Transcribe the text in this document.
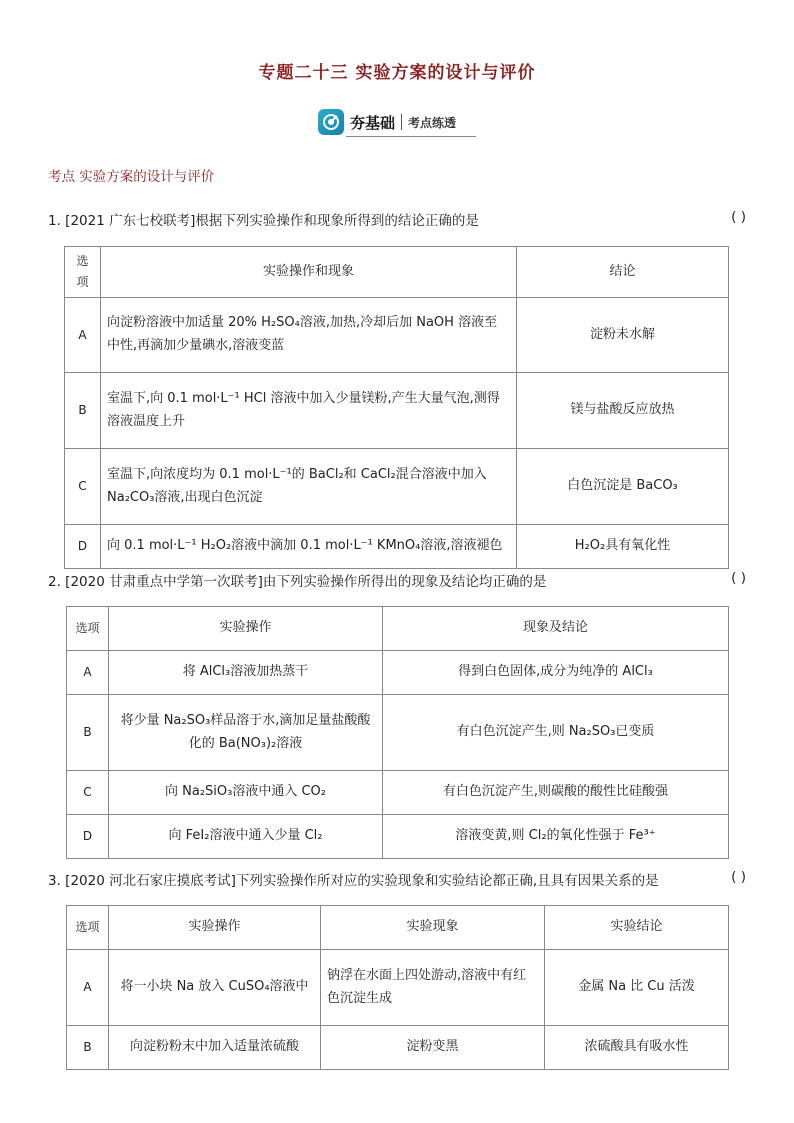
专题二十三 实验方案的设计与评价
夯基础 考点练透
考点 实验方案的设计与评价
1. [2021 广东七校联考]根据下列实验操作和现象所得到的结论正确的是	( )
选项	实验操作和现象	结论
A	向淀粉溶液中加适量 20% H₂SO₄溶液,加热,冷却后加 NaOH 溶液至中性,再滴加少量碘水,溶液变蓝	淀粉未水解
B	室温下,向 0.1 mol·L⁻¹ HCl 溶液中加入少量镁粉,产生大量气泡,测得溶液温度上升	镁与盐酸反应放热
C	室温下,向浓度均为 0.1 mol·L⁻¹的 BaCl₂和 CaCl₂混合溶液中加入Na₂CO₃溶液,出现白色沉淀	白色沉淀是 BaCO₃
D	向 0.1 mol·L⁻¹ H₂O₂溶液中滴加 0.1 mol·L⁻¹ KMnO₄溶液,溶液褪色	H₂O₂具有氧化性
2. [2020 甘肃重点中学第一次联考]由下列实验操作所得出的现象及结论均正确的是	( )
选项	实验操作	现象及结论
A	将 AlCl₃溶液加热蒸干	得到白色固体,成分为纯净的 AlCl₃
B	将少量 Na₂SO₃样品溶于水,滴加足量盐酸酸化的 Ba(NO₃)₂溶液	有白色沉淀产生,则 Na₂SO₃已变质
C	向 Na₂SiO₃溶液中通入 CO₂	有白色沉淀产生,则碳酸的酸性比硅酸强
D	向 FeI₂溶液中通入少量 Cl₂	溶液变黄,则 Cl₂的氧化性强于 Fe³⁺
3. [2020 河北石家庄摸底考试]下列实验操作所对应的实验现象和实验结论都正确,且具有因果关系的是	( )
选项	实验操作	实验现象	实验结论
A	将一小块 Na 放入 CuSO₄溶液中	钠浮在水面上四处游动,溶液中有红色沉淀生成	金属 Na 比 Cu 活泼
B	向淀粉粉末中加入适量浓硫酸	淀粉变黑	浓硫酸具有吸水性
